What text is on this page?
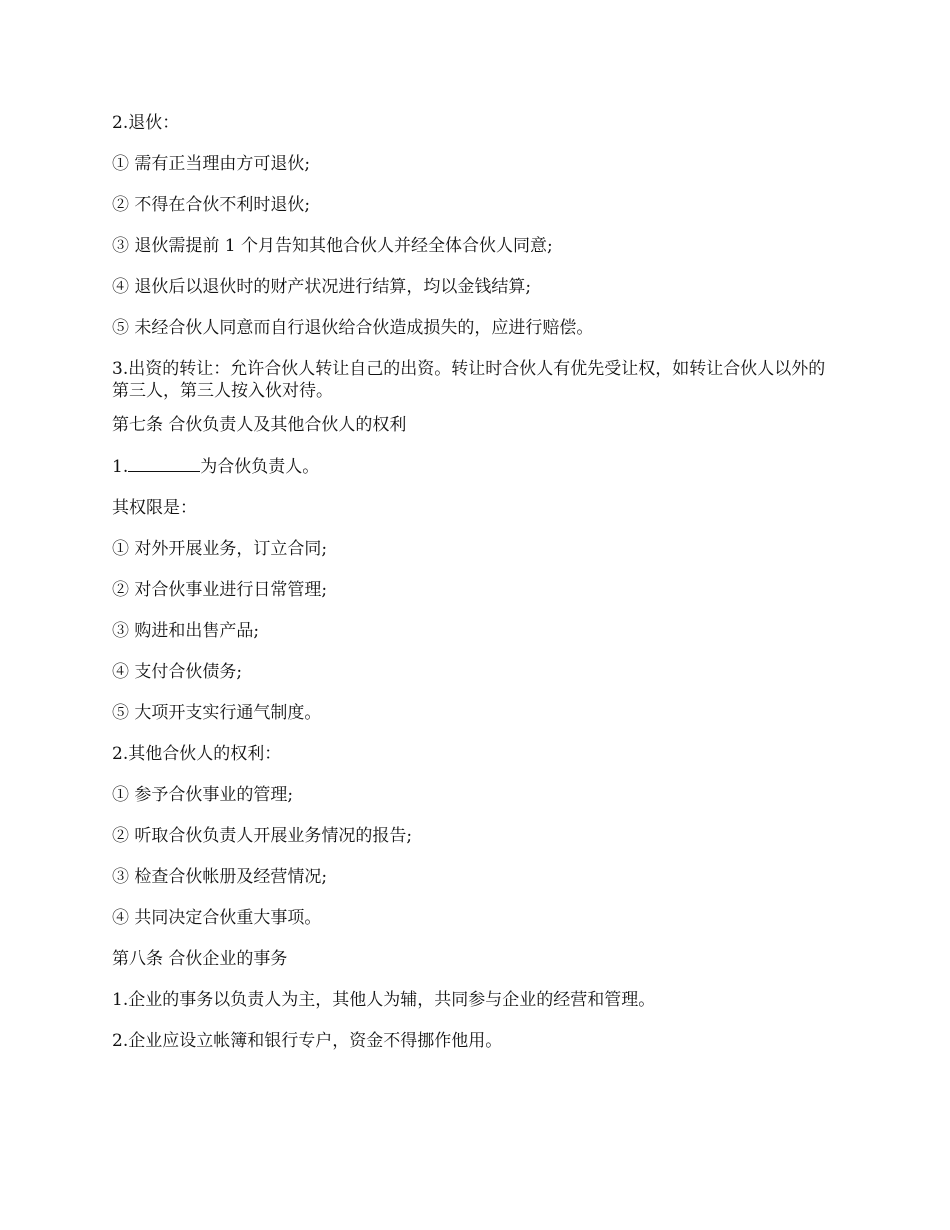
2.退伙：

① 需有正当理由方可退伙;

② 不得在合伙不利时退伙;

③ 退伙需提前 1 个月告知其他合伙人并经全体合伙人同意;

④ 退伙后以退伙时的财产状况进行结算，均以金钱结算;

⑤ 未经合伙人同意而自行退伙给合伙造成损失的，应进行赔偿。

3.出资的转让：允许合伙人转让自己的出资。转让时合伙人有优先受让权，如转让合伙人以外的第三人，第三人按入伙对待。

第七条 合伙负责人及其他合伙人的权利

1.	为合伙负责人。

其权限是：

① 对外开展业务，订立合同;

② 对合伙事业进行日常管理;

③ 购进和出售产品;

④ 支付合伙债务;

⑤ 大项开支实行通气制度。

2.其他合伙人的权利：

① 参予合伙事业的管理;

② 听取合伙负责人开展业务情况的报告;

③ 检查合伙帐册及经营情况;

④ 共同决定合伙重大事项。

第八条 合伙企业的事务

1.企业的事务以负责人为主，其他人为辅，共同参与企业的经营和管理。

2.企业应设立帐簿和银行专户，资金不得挪作他用。
